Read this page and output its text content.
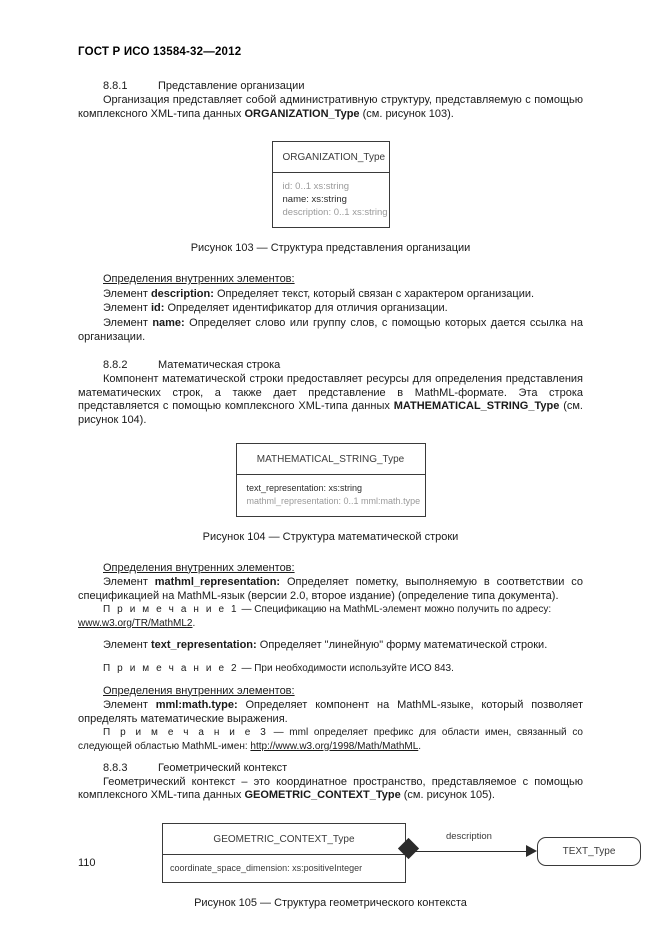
ГОСТ Р ИСО 13584-32—2012
8.8.1	Представление организации

Организация представляет собой административную структуру, представляемую с помощью комплексного XML-типа данных ORGANIZATION_Type (см. рисунок 103).

ORGANIZATION_Type
id: 0..1 xs:string
name: xs:string
description: 0..1 xs:string

Рисунок 103 — Структура представления организации

Определения внутренних элементов:

Элемент description: Определяет текст, который связан с характером организации.

Элемент id: Определяет идентификатор для отличия организации.

Элемент name: Определяет слово или группу слов, с помощью которых дается ссылка на организации.

8.8.2	Математическая строка

Компонент математической строки предоставляет ресурсы для определения представления математических строк, а также дает представление в MathML-формате. Эта строка представляется с помощью комплексного XML-типа данных MATHEMATICAL_STRING_Type (см. рисунок 104).

MATHEMATICAL_STRING_Type
text_representation: xs:string
mathml_representation: 0..1 mml:math.type

Рисунок 104 — Структура математической строки

Определения внутренних элементов:

Элемент mathml_representation: Определяет пометку, выполняемую в соответствии со спецификацией на MathML-язык (версии 2.0, второе издание) (определение типа документа).

П р и м е ч а н и е 1 — Спецификацию на MathML-элемент можно получить по адресу:
www.w3.org/TR/MathML2.

Элемент text_representation: Определяет "линейную" форму математической строки.

П р и м е ч а н и е 2 — При необходимости используйте ИСО 843.

Определения внутренних элементов:

Элемент mml:math.type: Определяет компонент на MathML-языке, который позволяет определять математические выражения.

П р и м е ч а н и е 3 — mml определяет префикс для области имен, связанный со следующей областью MathML-имен: http://www.w3.org/1998/Math/MathML.

8.8.3	Геометрический контекст

Геометрический контекст – это координатное пространство, представляемое с помощью комплексного XML-типа данных GEOMETRIC_CONTEXT_Type (см. рисунок 105).

GEOMETRIC_CONTEXT_Type
coordinate_space_dimension: xs:positiveInteger
description
TEXT_Type

Рисунок 105 — Структура геометрического контекста

110
